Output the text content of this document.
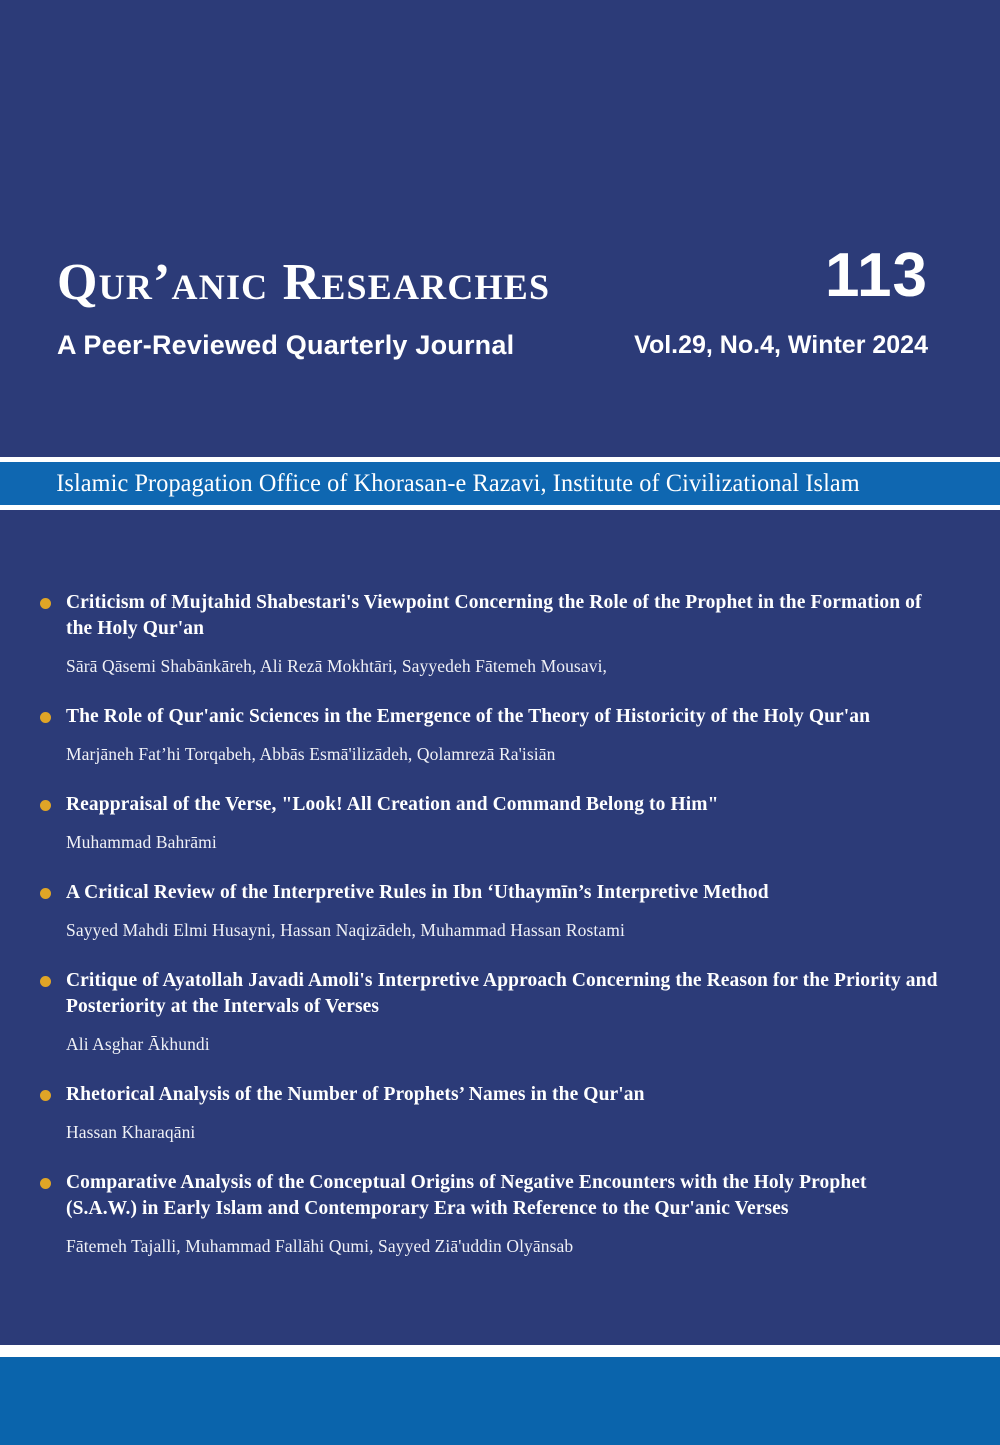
Qur’anic Researches
A Peer-Reviewed Quarterly Journal
113
Vol.29, No.4, Winter 2024
Islamic Propagation Office of Khorasan-e Razavi, Institute of Civilizational Islam
Criticism of Mujtahid Shabestari's Viewpoint Concerning the Role of the Prophet in the Formation of the Holy Qur'an
Sārā Qāsemi Shabānkāreh, Ali Rezā Mokhtāri, Sayyedeh Fātemeh Mousavi,
The Role of Qur'anic Sciences in the Emergence of the Theory of Historicity of the Holy Qur'an
Marjāneh Fat’hi Torqabeh, Abbās Esmā'ilizādeh, Qolamrezā Ra'isiān
Reappraisal of the Verse, "Look! All Creation and Command Belong to Him"
Muhammad Bahrāmi
A Critical Review of the Interpretive Rules in Ibn ‘Uthaymīn’s Interpretive Method
Sayyed Mahdi Elmi Husayni, Hassan Naqizādeh, Muhammad Hassan Rostami
Critique of Ayatollah Javadi Amoli's Interpretive Approach Concerning the Reason for the Priority and Posteriority at the Intervals of Verses
Ali Asghar Ākhundi
Rhetorical Analysis of the Number of Prophets’ Names in the Qur'an
Hassan Kharaqāni
Comparative Analysis of the Conceptual Origins of Negative Encounters with the Holy Prophet (S.A.W.) in Early Islam and Contemporary Era with Reference to the Qur'anic Verses
Fātemeh Tajalli, Muhammad Fallāhi Qumi, Sayyed Ziā'uddin Olyānsab
